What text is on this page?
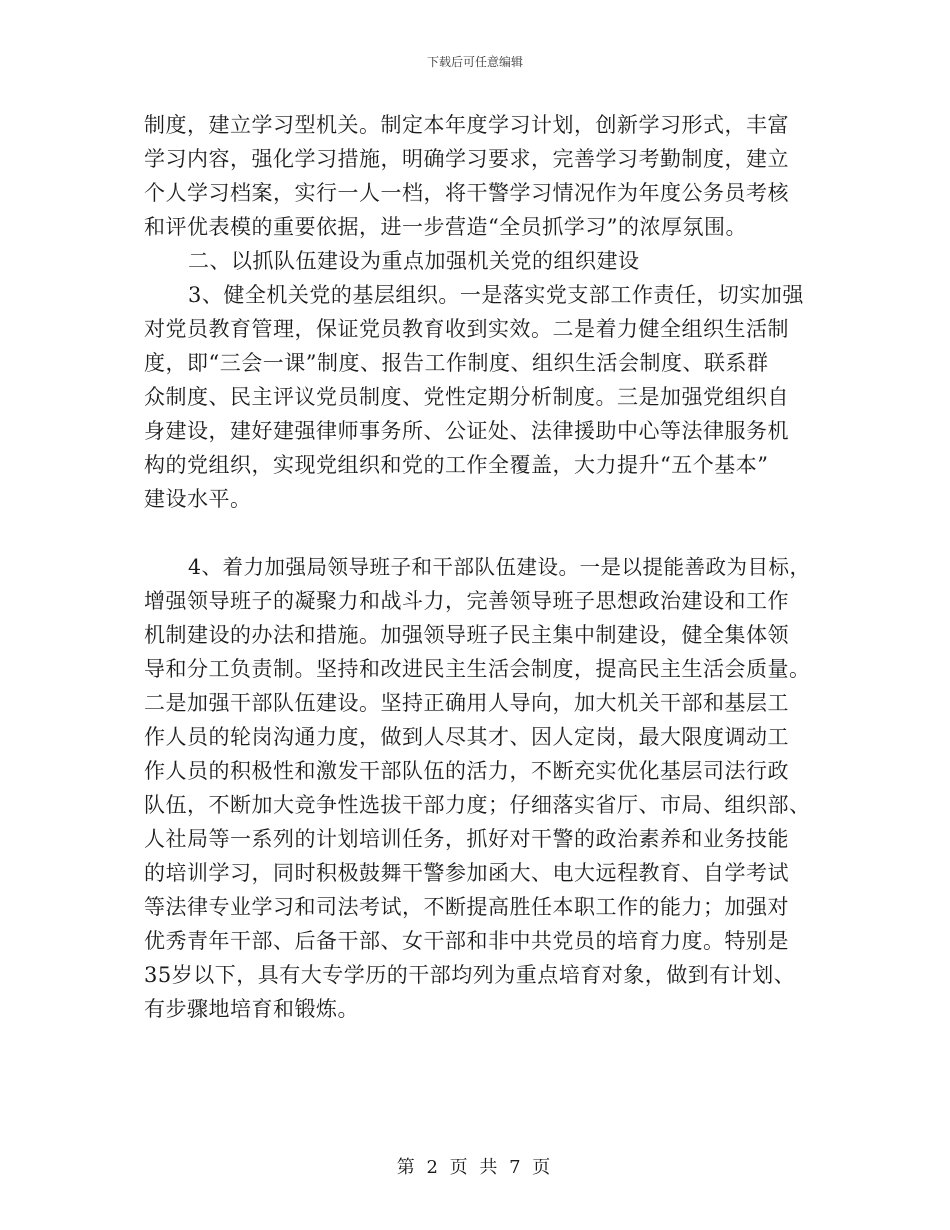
下载后可任意编辑
制度，建立学习型机关。制定本年度学习计划，创新学习形式，丰富
学习内容，强化学习措施，明确学习要求，完善学习考勤制度，建立
个人学习档案，实行一人一档，将干警学习情况作为年度公务员考核
和评优表模的重要依据，进一步营造“全员抓学习”的浓厚氛围。
二、以抓队伍建设为重点加强机关党的组织建设
3、健全机关党的基层组织。一是落实党支部工作责任，切实加强
对党员教育管理，保证党员教育收到实效。二是着力健全组织生活制
度，即“三会一课”制度、报告工作制度、组织生活会制度、联系群
众制度、民主评议党员制度、党性定期分析制度。三是加强党组织自
身建设，建好建强律师事务所、公证处、法律援助中心等法律服务机
构的党组织，实现党组织和党的工作全覆盖，大力提升“五个基本”
建设水平。
4、着力加强局领导班子和干部队伍建设。一是以提能善政为目标，
增强领导班子的凝聚力和战斗力，完善领导班子思想政治建设和工作
机制建设的办法和措施。加强领导班子民主集中制建设，健全集体领
导和分工负责制。坚持和改进民主生活会制度，提高民主生活会质量。
二是加强干部队伍建设。坚持正确用人导向，加大机关干部和基层工
作人员的轮岗沟通力度，做到人尽其才、因人定岗，最大限度调动工
作人员的积极性和激发干部队伍的活力，不断充实优化基层司法行政
队伍，不断加大竞争性选拔干部力度；仔细落实省厅、市局、组织部、
人社局等一系列的计划培训任务，抓好对干警的政治素养和业务技能
的培训学习，同时积极鼓舞干警参加函大、电大远程教育、自学考试
等法律专业学习和司法考试，不断提高胜任本职工作的能力；加强对
优秀青年干部、后备干部、女干部和非中共党员的培育力度。特别是
35岁以下，具有大专学历的干部均列为重点培育对象，做到有计划、
有步骤地培育和锻炼。
第 2 页 共 7 页
